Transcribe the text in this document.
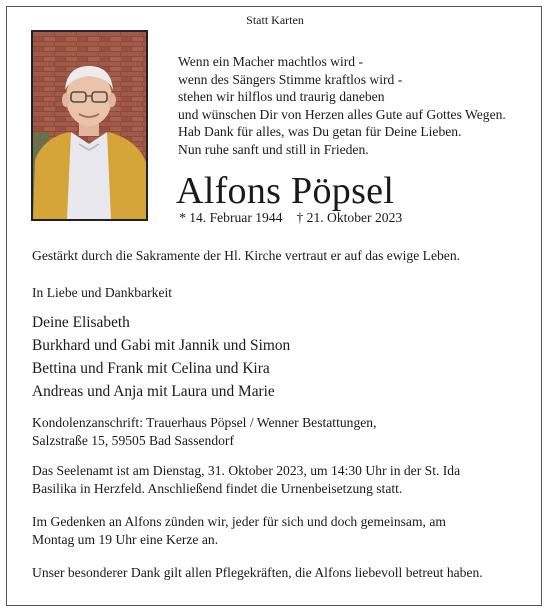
Statt Karten
Wenn ein Macher machtlos wird -
wenn des Sängers Stimme kraftlos wird -
stehen wir hilflos und traurig daneben
und wünschen Dir von Herzen alles Gute auf Gottes Wegen.
Hab Dank für alles, was Du getan für Deine Lieben.
Nun ruhe sanft und still in Frieden.
Alfons Pöpsel
* 14. Februar 1944 † 21. Oktober 2023
Gestärkt durch die Sakramente der Hl. Kirche vertraut er auf das ewige Leben.
In Liebe und Dankbarkeit
Deine Elisabeth
Burkhard und Gabi mit Jannik und Simon
Bettina und Frank mit Celina und Kira
Andreas und Anja mit Laura und Marie
Kondolenzanschrift: Trauerhaus Pöpsel / Wenner Bestattungen,
Salzstraße 15, 59505 Bad Sassendorf
Das Seelenamt ist am Dienstag, 31. Oktober 2023, um 14:30 Uhr in der St. Ida
Basilika in Herzfeld. Anschließend findet die Urnenbeisetzung statt.
Im Gedenken an Alfons zünden wir, jeder für sich und doch gemeinsam, am
Montag um 19 Uhr eine Kerze an.
Unser besonderer Dank gilt allen Pflegekräften, die Alfons liebevoll betreut haben.
